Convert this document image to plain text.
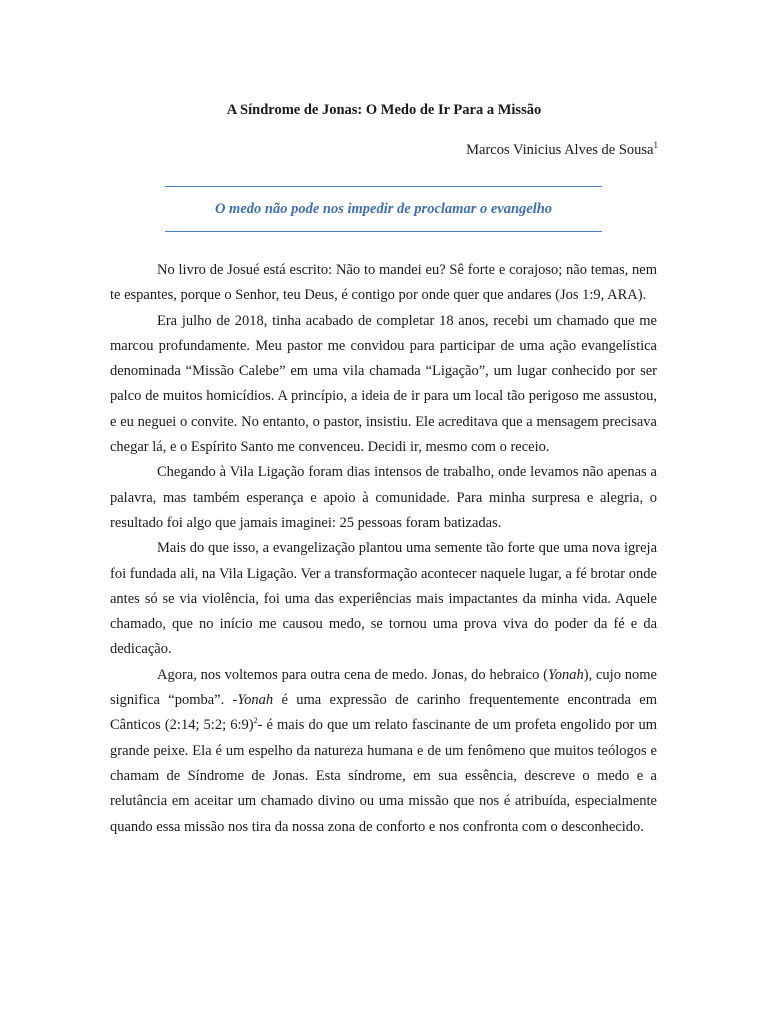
A Síndrome de Jonas: O Medo de Ir Para a Missão
Marcos Vinicius Alves de Sousa$^1$
O medo não pode nos impedir de proclamar o evangelho

No livro de Josué está escrito: Não to mandei eu? Sê forte e corajoso; não temas, nem te espantes, porque o Senhor, teu Deus, é contigo por onde quer que andares (Jos 1:9, ARA).

Era julho de 2018, tinha acabado de completar 18 anos, recebi um chamado que me marcou profundamente. Meu pastor me convidou para participar de uma ação evangelística denominada “Missão Calebe” em uma vila chamada “Ligação”, um lugar conhecido por ser palco de muitos homicídios. A princípio, a ideia de ir para um local tão perigoso me assustou, e eu neguei o convite. No entanto, o pastor, insistiu. Ele acreditava que a mensagem precisava chegar lá, e o Espírito Santo me convenceu. Decidi ir, mesmo com o receio.

Chegando à Vila Ligação foram dias intensos de trabalho, onde levamos não apenas a palavra, mas também esperança e apoio à comunidade. Para minha surpresa e alegria, o resultado foi algo que jamais imaginei: 25 pessoas foram batizadas.

Mais do que isso, a evangelização plantou uma semente tão forte que uma nova igreja foi fundada ali, na Vila Ligação. Ver a transformação acontecer naquele lugar, a fé brotar onde antes só se via violência, foi uma das experiências mais impactantes da minha vida. Aquele chamado, que no início me causou medo, se tornou uma prova viva do poder da fé e da dedicação.

Agora, nos voltemos para outra cena de medo. Jonas, do hebraico (Yonah), cujo nome significa “pomba”. -Yonah é uma expressão de carinho frequentemente encontrada em Cânticos (2:14; 5:2; 6:9)$^2$- é mais do que um relato fascinante de um profeta engolido por um grande peixe. Ela é um espelho da natureza humana e de um fenômeno que muitos teólogos e chamam de Síndrome de Jonas. Esta síndrome, em sua essência, descreve o medo e a relutância em aceitar um chamado divino ou uma missão que nos é atribuída, especialmente quando essa missão nos tira da nossa zona de conforto e nos confronta com o desconhecido.
